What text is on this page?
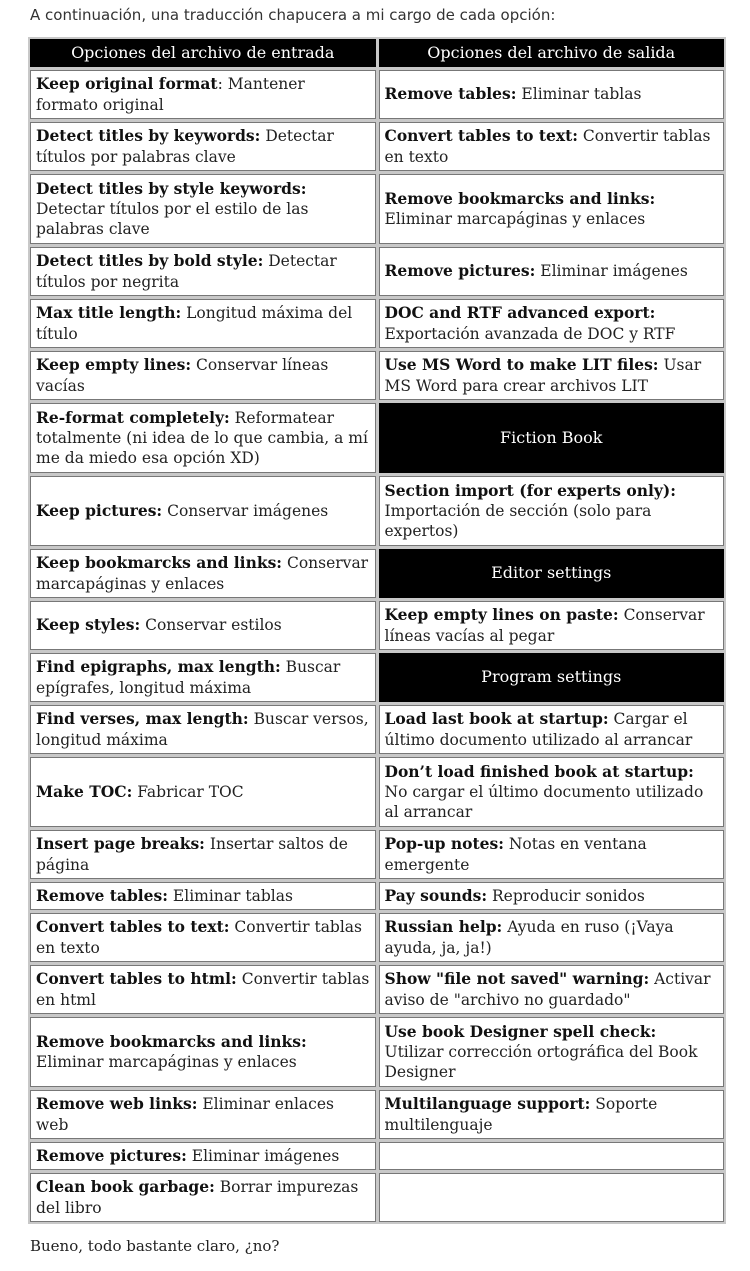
A continuación, una traducción chapucera a mi cargo de cada opción:
Opciones del archivo de entrada	Opciones del archivo de salida
Keep original format: Mantener formato original
Remove tables: Eliminar tablas
Detect titles by keywords: Detectar títulos por palabras clave
Convert tables to text: Convertir tablas en texto
Detect titles by style keywords: Detectar títulos por el estilo de las palabras clave
Remove bookmarcks and links: Eliminar marcapáginas y enlaces
Detect titles by bold style: Detectar títulos por negrita
Remove pictures: Eliminar imágenes
Max title length: Longitud máxima del título
DOC and RTF advanced export: Exportación avanzada de DOC y RTF
Keep empty lines: Conservar líneas vacías
Use MS Word to make LIT files: Usar MS Word para crear archivos LIT
Re-format completely: Reformatear totalmente (ni idea de lo que cambia, a mí me da miedo esa opción XD)
Fiction Book
Keep pictures: Conservar imágenes
Section import (for experts only): Importación de sección (solo para expertos)
Keep bookmarcks and links: Conservar marcapáginas y enlaces
Editor settings
Keep styles: Conservar estilos
Keep empty lines on paste: Conservar líneas vacías al pegar
Find epigraphs, max length: Buscar epígrafes, longitud máxima
Program settings
Find verses, max length: Buscar versos, longitud máxima
Load last book at startup: Cargar el último documento utilizado al arrancar
Make TOC: Fabricar TOC
Don’t load finished book at startup: No cargar el último documento utilizado al arrancar
Insert page breaks: Insertar saltos de página
Pop-up notes: Notas en ventana emergente
Remove tables: Eliminar tablas	Pay sounds: Reproducir sonidos
Convert tables to text: Convertir tablas en texto
Russian help: Ayuda en ruso (¡Vaya ayuda, ja, ja!)
Convert tables to html: Convertir tablas en html
Show "file not saved" warning: Activar aviso de "archivo no guardado"
Remove bookmarcks and links: Eliminar marcapáginas y enlaces
Use book Designer spell check: Utilizar corrección ortográfica del Book Designer
Remove web links: Eliminar enlaces web
Multilanguage support: Soporte multilenguaje
Remove pictures: Eliminar imágenes
Clean book garbage: Borrar impurezas del libro
Bueno, todo bastante claro, ¿no?
